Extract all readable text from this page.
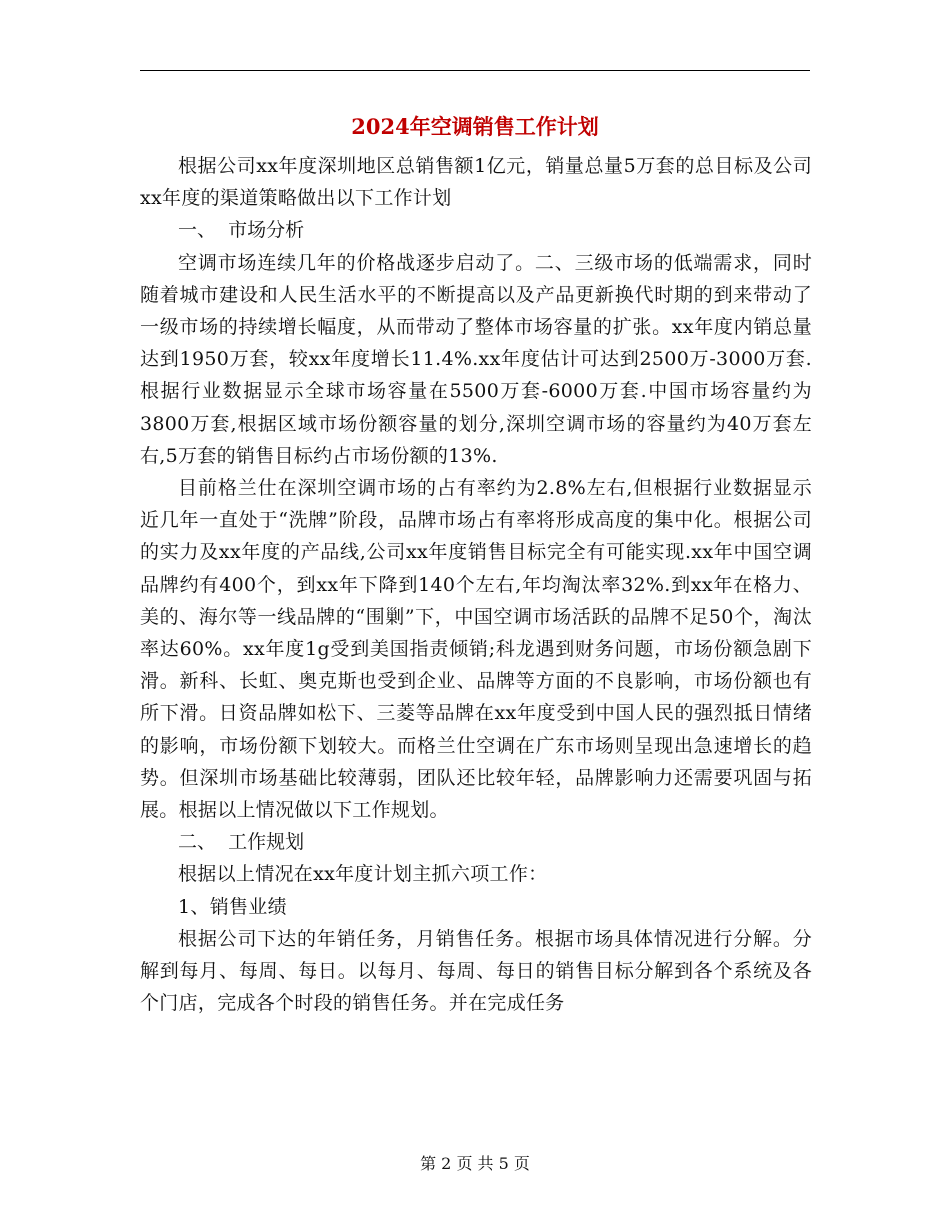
2024年空调销售工作计划

根据公司xx年度深圳地区总销售额1亿元，销量总量5万套的总目标及公司xx年度的渠道策略做出以下工作计划

一、  市场分析

空调市场连续几年的价格战逐步启动了。二、三级市场的低端需求，同时随着城市建设和人民生活水平的不断提高以及产品更新换代时期的到来带动了一级市场的持续增长幅度，从而带动了整体市场容量的扩张。xx年度内销总量达到1950万套，较xx年度增长11.4%.xx年度估计可达到2500万-3000万套.根据行业数据显示全球市场容量在5500万套-6000万套.中国市场容量约为3800万套,根据区域市场份额容量的划分,深圳空调市场的容量约为40万套左右,5万套的销售目标约占市场份额的13%.

目前格兰仕在深圳空调市场的占有率约为2.8%左右,但根据行业数据显示近几年一直处于“洗牌”阶段，品牌市场占有率将形成高度的集中化。根据公司的实力及xx年度的产品线,公司xx年度销售目标完全有可能实现.xx年中国空调品牌约有400个，到xx年下降到140个左右,年均淘汰率32%.到xx年在格力、美的、海尔等一线品牌的“围剿”下，中国空调市场活跃的品牌不足50个，淘汰率达60%。xx年度1g受到美国指责倾销;科龙遇到财务问题，市场份额急剧下滑。新科、长虹、奥克斯也受到企业、品牌等方面的不良影响，市场份额也有所下滑。日资品牌如松下、三菱等品牌在xx年度受到中国人民的强烈抵日情绪的影响，市场份额下划较大。而格兰仕空调在广东市场则呈现出急速增长的趋势。但深圳市场基础比较薄弱，团队还比较年轻，品牌影响力还需要巩固与拓展。根据以上情况做以下工作规划。

二、  工作规划

根据以上情况在xx年度计划主抓六项工作：

1、销售业绩

根据公司下达的年销任务，月销售任务。根据市场具体情况进行分解。分解到每月、每周、每日。以每月、每周、每日的销售目标分解到各个系统及各个门店，完成各个时段的销售任务。并在完成任务

第 2 页 共 5 页
